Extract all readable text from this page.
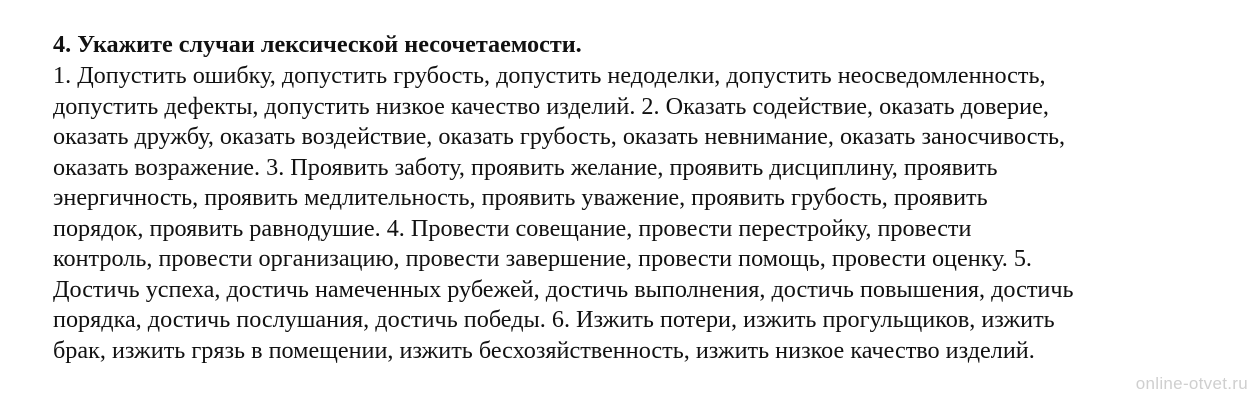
4. Укажите случаи лексической несочетаемости.
1. Допустить ошибку, допустить грубость, допустить недоделки, допустить неосведомленность,
допустить дефекты, допустить низкое качество изделий. 2. Оказать содействие, оказать доверие,
оказать дружбу, оказать воздействие, оказать грубость, оказать невнимание, оказать заносчивость,
оказать возражение. 3. Проявить заботу, проявить желание, проявить дисциплину, проявить
энергичность, проявить медлительность, проявить уважение, проявить грубость, проявить
порядок, проявить равнодушие. 4. Провести совещание, провести перестройку, провести
контроль, провести организацию, провести завершение, провести помощь, провести оценку. 5.
Достичь успеха, достичь намеченных рубежей, достичь выполнения, достичь повышения, достичь
порядка, достичь послушания, достичь победы. 6. Изжить потери, изжить прогульщиков, изжить
брак, изжить грязь в помещении, изжить бесхозяйственность, изжить низкое качество изделий.
online-otvet.ru
